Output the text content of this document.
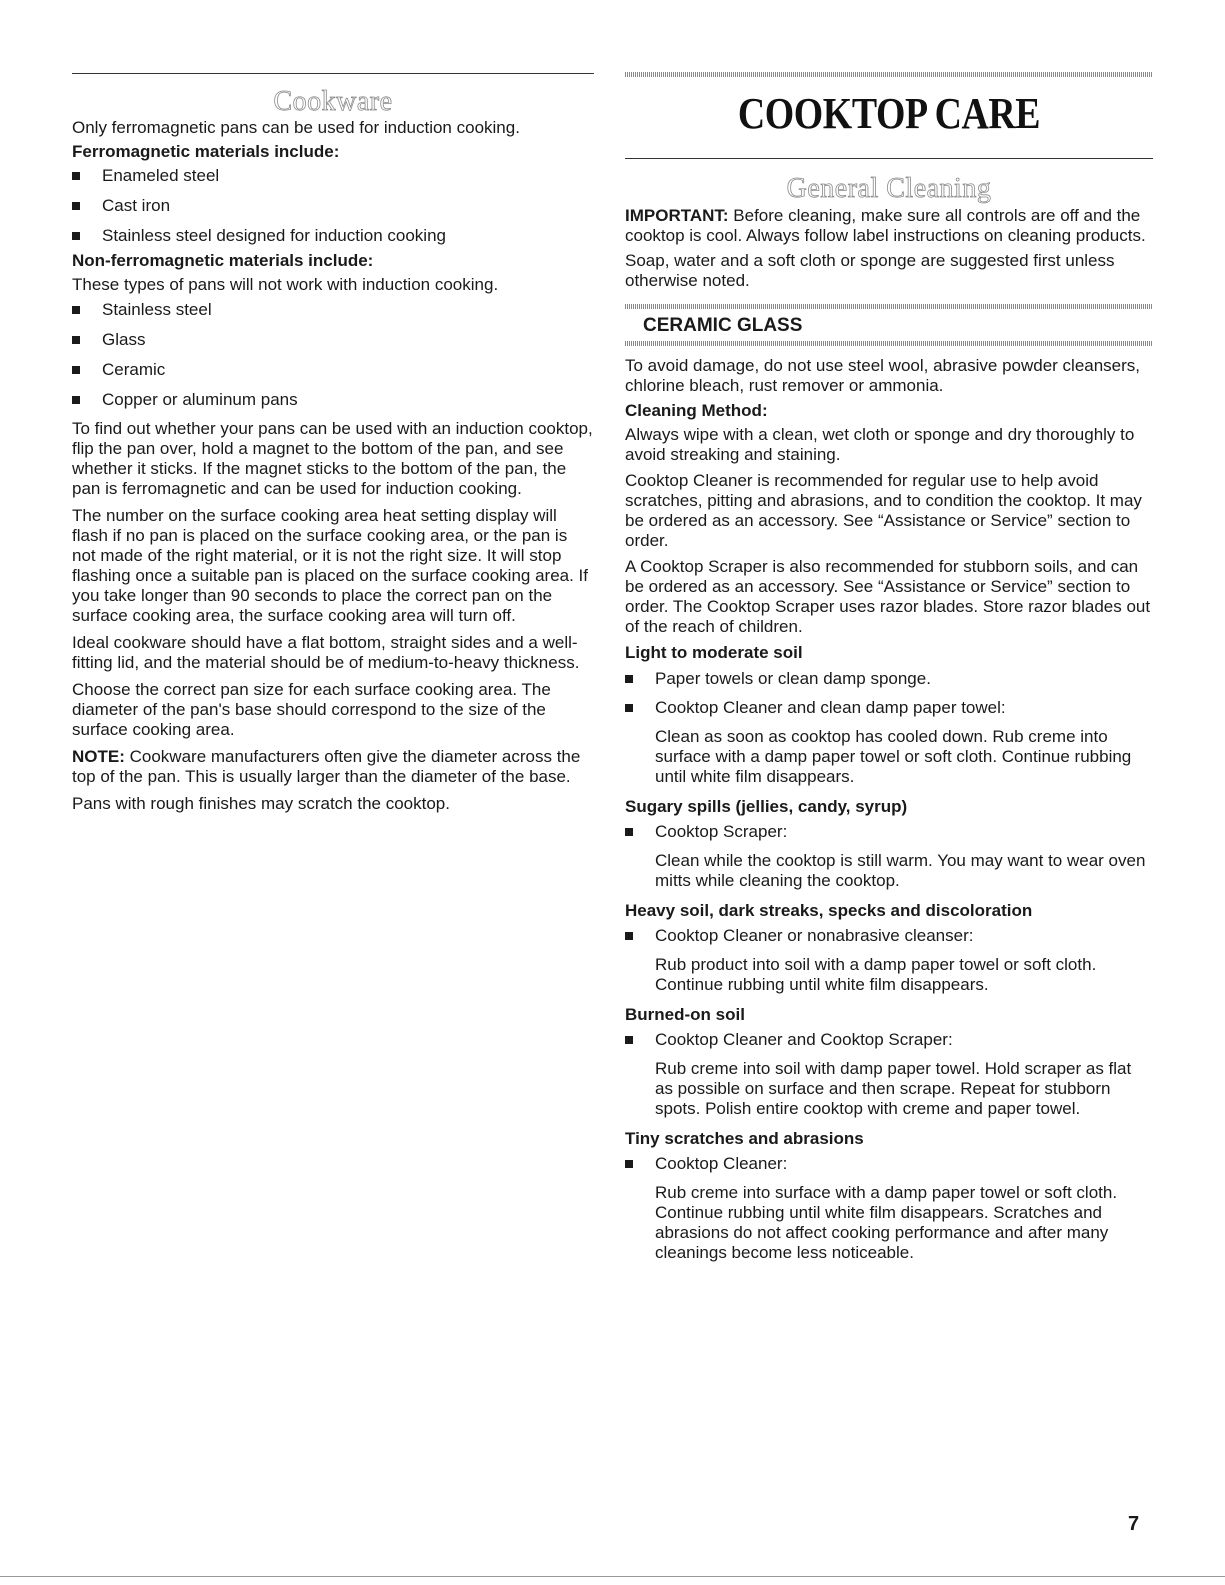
Cookware

Only ferromagnetic pans can be used for induction cooking.

Ferromagnetic materials include:

Enameled steel
Cast iron
Stainless steel designed for induction cooking

Non-ferromagnetic materials include:

These types of pans will not work with induction cooking.

Stainless steel
Glass
Ceramic
Copper or aluminum pans

To find out whether your pans can be used with an induction cooktop, flip the pan over, hold a magnet to the bottom of the pan, and see whether it sticks. If the magnet sticks to the bottom of the pan, the pan is ferromagnetic and can be used for induction cooking.

The number on the surface cooking area heat setting display will flash if no pan is placed on the surface cooking area, or the pan is not made of the right material, or it is not the right size. It will stop flashing once a suitable pan is placed on the surface cooking area. If you take longer than 90 seconds to place the correct pan on the surface cooking area, the surface cooking area will turn off.

Ideal cookware should have a flat bottom, straight sides and a well-fitting lid, and the material should be of medium-to-heavy thickness.

Choose the correct pan size for each surface cooking area. The diameter of the pan's base should correspond to the size of the surface cooking area.

NOTE: Cookware manufacturers often give the diameter across the top of the pan. This is usually larger than the diameter of the base.

Pans with rough finishes may scratch the cooktop.

COOKTOP CARE
General Cleaning

IMPORTANT: Before cleaning, make sure all controls are off and the cooktop is cool. Always follow label instructions on cleaning products.

Soap, water and a soft cloth or sponge are suggested first unless otherwise noted.

CERAMIC GLASS

To avoid damage, do not use steel wool, abrasive powder cleansers, chlorine bleach, rust remover or ammonia.

Cleaning Method:

Always wipe with a clean, wet cloth or sponge and dry thoroughly to avoid streaking and staining.

Cooktop Cleaner is recommended for regular use to help avoid scratches, pitting and abrasions, and to condition the cooktop. It may be ordered as an accessory. See “Assistance or Service” section to order.

A Cooktop Scraper is also recommended for stubborn soils, and can be ordered as an accessory. See “Assistance or Service” section to order. The Cooktop Scraper uses razor blades. Store razor blades out of the reach of children.

Light to moderate soil

Paper towels or clean damp sponge.
Cooktop Cleaner and clean damp paper towel:

Clean as soon as cooktop has cooled down. Rub creme into surface with a damp paper towel or soft cloth. Continue rubbing until white film disappears.

Sugary spills (jellies, candy, syrup)

Cooktop Scraper:

Clean while the cooktop is still warm. You may want to wear oven mitts while cleaning the cooktop.

Heavy soil, dark streaks, specks and discoloration

Cooktop Cleaner or nonabrasive cleanser:

Rub product into soil with a damp paper towel or soft cloth. Continue rubbing until white film disappears.

Burned-on soil

Cooktop Cleaner and Cooktop Scraper:

Rub creme into soil with damp paper towel. Hold scraper as flat as possible on surface and then scrape. Repeat for stubborn spots. Polish entire cooktop with creme and paper towel.

Tiny scratches and abrasions

Cooktop Cleaner:

Rub creme into surface with a damp paper towel or soft cloth. Continue rubbing until white film disappears. Scratches and abrasions do not affect cooking performance and after many cleanings become less noticeable.

7
